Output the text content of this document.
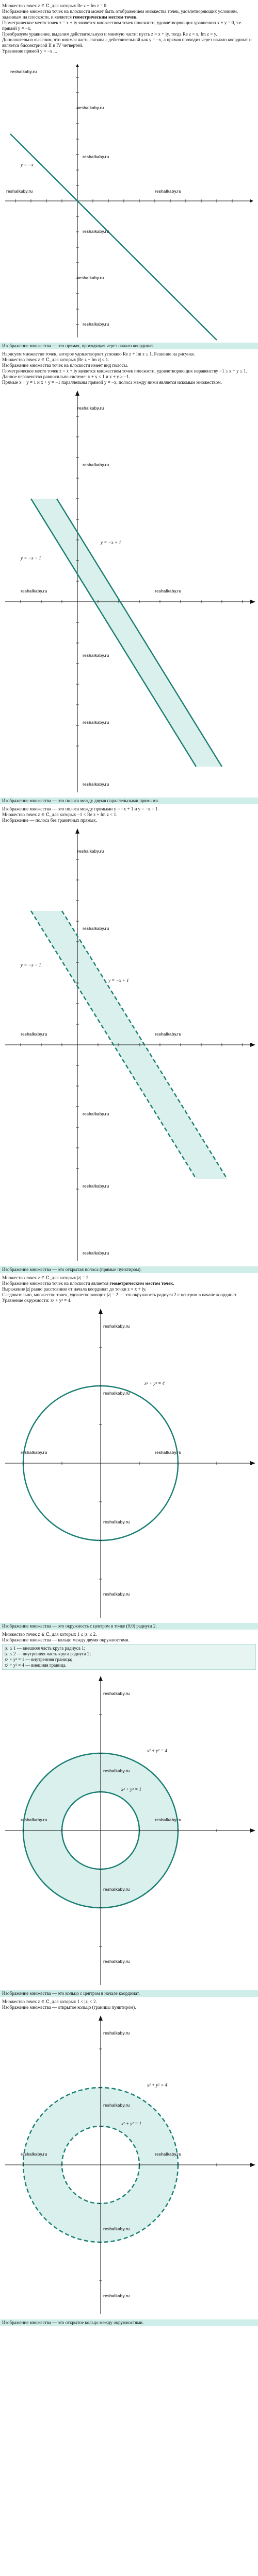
Множество точек z ∈ ℂ, для которых Re z + Im z = 0.

Изображение множества точек на плоскости может быть отображением множества точек, удовлетворяющих условиям, заданным на плоскости, и является геометрическим местом точек.

Геометрическое место точек z = x + iy является множеством точек плоскости, удовлетворяющих уравнению x + y = 0, т.е. прямой y = −x.

Преобразуем уравнение, выделим действительную и мнимую части: пусть z = x + iy, тогда Re z = x, Im z = y.

Дополнительно выясним, что мнимая часть связана с действительной как y = −x, а прямая проходит через начало координат и является биссектрисой II и IV четвертей.

Уравнение прямой y = −x ...

reshalkaby.ru
reshalkaby.ru
reshalkaby.ru
reshalkaby.ru	reshalkaby.ru
reshalkaby.ru
reshalkaby.ru
reshalkaby.ru
y = −x

Изображение множества — это прямая, проходящая через начало координат.

Нарисуем множество точек, которое удовлетворяет условию Re z + Im z ≤ 1. Решение на рисунке.

Множество точек z ∈ ℂ, для которых |Re z + Im z| ≤ 1.

Изображение множества точек на плоскости имеет вид полосы.

Геометрическое место точек z = x + iy является множеством точек плоскости, удовлетворяющих неравенству −1 ≤ x + y ≤ 1.

Данное неравенство равносильно системе: x + y ≤ 1 и x + y ≥ −1.

Прямые x + y = 1 и x + y = −1 параллельны прямой y = −x, полоса между ними является искомым множеством.

reshalkaby.ru
reshalkaby.ru
reshalkaby.ru	reshalkaby.ru
reshalkaby.ru
reshalkaby.ru
reshalkaby.ru
y = −x + 1
y = −x − 1

Изображение множества — это полоса между двумя параллельными прямыми.

Изображение множества — это полоса между прямыми y = −x + 1 и y = −x − 1.

Множество точек z ∈ ℂ, для которых −1 < Re z + Im z < 1.

Изображение — полоса без граничных прямых.

reshalkaby.ru
reshalkaby.ru
reshalkaby.ru	reshalkaby.ru
reshalkaby.ru
reshalkaby.ru
reshalkaby.ru
y = −x + 1
y = −x − 1

Изображение множества — это открытая полоса (прямые пунктиром).

Множество точек z ∈ ℂ, для которых |z| = 2.

Изображение множества точек на плоскости является геометрическим местом точек.

Выражение |z| равно расстоянию от начала координат до точки z = x + iy.

Следовательно, множество точек, удовлетворяющих |z| = 2 — это окружность радиуса 2 с центром в начале координат.

Уравнение окружности: x² + y² = 4.

reshalkaby.ru
reshalkaby.ru
reshalkaby.ru	reshalkaby.ru
reshalkaby.ru
reshalkaby.ru
x² + y² = 4

Изображение множества — это окружность с центром в точке (0;0) радиуса 2.

Множество точек z ∈ ℂ, для которых 1 ≤ |z| ≤ 2.

Изображение множества — кольцо между двумя окружностями.

|z| ≥ 1 — внешняя часть круга радиуса 1;
|z| ≤ 2 — внутренняя часть круга радиуса 2;
x² + y² = 1 — внутренняя граница;
x² + y² = 4 — внешняя граница.
reshalkaby.ru
reshalkaby.ru
reshalkaby.ru	reshalkaby.ru
reshalkaby.ru
reshalkaby.ru
x² + y² = 4
x² + y² = 1

Изображение множества — это кольцо с центром в начале координат.

Множество точек z ∈ ℂ, для которых 1 < |z| < 2.

Изображение множества — открытое кольцо (границы пунктиром).

reshalkaby.ru
reshalkaby.ru
reshalkaby.ru	reshalkaby.ru
reshalkaby.ru
reshalkaby.ru
x² + y² = 4
x² + y² = 1

Изображение множества — это открытое кольцо между окружностями.
